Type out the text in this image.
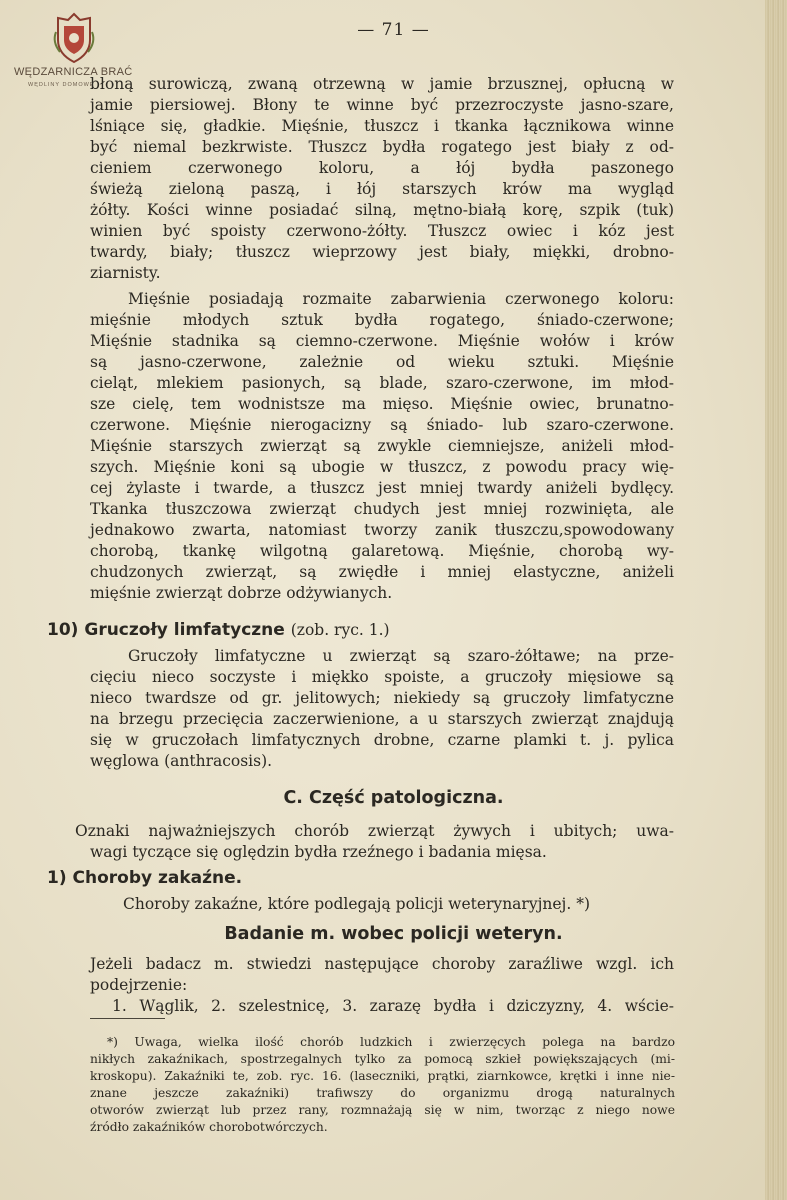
WĘDZARNICZA BRAĆ
WĘDLINY DOMOWE
— 71 —
błoną surowiczą, zwaną otrzewną w jamie brzusznej, opłucną w
jamie piersiowej. Błony te winne być przezroczyste jasno-szare,
lśniące się, gładkie. Mięśnie, tłuszcz i tkanka łącznikowa winne
być niemal bezkrwiste. Tłuszcz bydła rogatego jest biały z od-
cieniem czerwonego koloru, a łój bydła paszonego
świeżą zieloną paszą, i łój starszych krów ma wygląd
żółty. Kości winne posiadać silną, mętno-białą korę, szpik (tuk)
winien być spoisty czerwono-żółty. Tłuszcz owiec i kóz jest
twardy, biały; tłuszcz wieprzowy jest biały, miękki, drobno-
ziarnisty.
Mięśnie posiadają rozmaite zabarwienia czerwonego koloru:
mięśnie młodych sztuk bydła rogatego, śniado-czerwone;
Mięśnie stadnika są ciemno-czerwone. Mięśnie wołów i krów
są jasno-czerwone, zależnie od wieku sztuki. Mięśnie
cieląt, mlekiem pasionych, są blade, szaro-czerwone, im młod-
sze cielę, tem wodnistsze ma mięso. Mięśnie owiec, brunatno-
czerwone. Mięśnie nierogacizny są śniado- lub szaro-czerwone.
Mięśnie starszych zwierząt są zwykle ciemniejsze, aniżeli młod-
szych. Mięśnie koni są ubogie w tłuszcz, z powodu pracy wię-
cej żylaste i twarde, a tłuszcz jest mniej twardy aniżeli bydlęcy.
Tkanka tłuszczowa zwierząt chudych jest mniej rozwinięta, ale
jednakowo zwarta, natomiast tworzy zanik tłuszczu,spowodowany
chorobą, tkankę wilgotną galaretową. Mięśnie, chorobą wy-
chudzonych zwierząt, są zwiędłe i mniej elastyczne, aniżeli
mięśnie zwierząt dobrze odżywianych.
10) Gruczoły limfatyczne (zob. ryc. 1.)
Gruczoły limfatyczne u zwierząt są szaro-żółtawe; na prze-
cięciu nieco soczyste i miękko spoiste, a gruczoły mięsiowe są
nieco twardsze od gr. jelitowych; niekiedy są gruczoły limfatyczne
na brzegu przecięcia zaczerwienione, a u starszych zwierząt znajdują
się w gruczołach limfatycznych drobne, czarne plamki t. j. pylica
węglowa (anthracosis).
C. Część patologiczna.
Oznaki najważniejszych chorób zwierząt żywych i ubitych; uwa-
wagi tyczące się oględzin bydła rzeźnego i badania mięsa.
1) Choroby zakaźne.
Choroby zakaźne, które podlegają policji weterynaryjnej. *)
Badanie m. wobec policji weteryn.
Jeżeli badacz m. stwiedzi następujące choroby zaraźliwe wzgl. ich
podejrzenie:
1. Wąglik, 2. szelestnicę, 3. zarazę bydła i dziczyzny, 4. wście-
*) Uwaga, wielka ilość chorób ludzkich i zwierzęcych polega na bardzo
nikłych zakaźnikach, spostrzegalnych tylko za pomocą szkieł powiększających (mi-
kroskopu). Zakaźniki te, zob. ryc. 16. (laseczniki, prątki, ziarnkowce, krętki i inne nie-
znane jeszcze zakaźniki) trafiwszy do organizmu drogą naturalnych
otworów zwierząt lub przez rany, rozmnażają się w nim, tworząc z niego nowe
źródło zakaźników chorobotwórczych.
